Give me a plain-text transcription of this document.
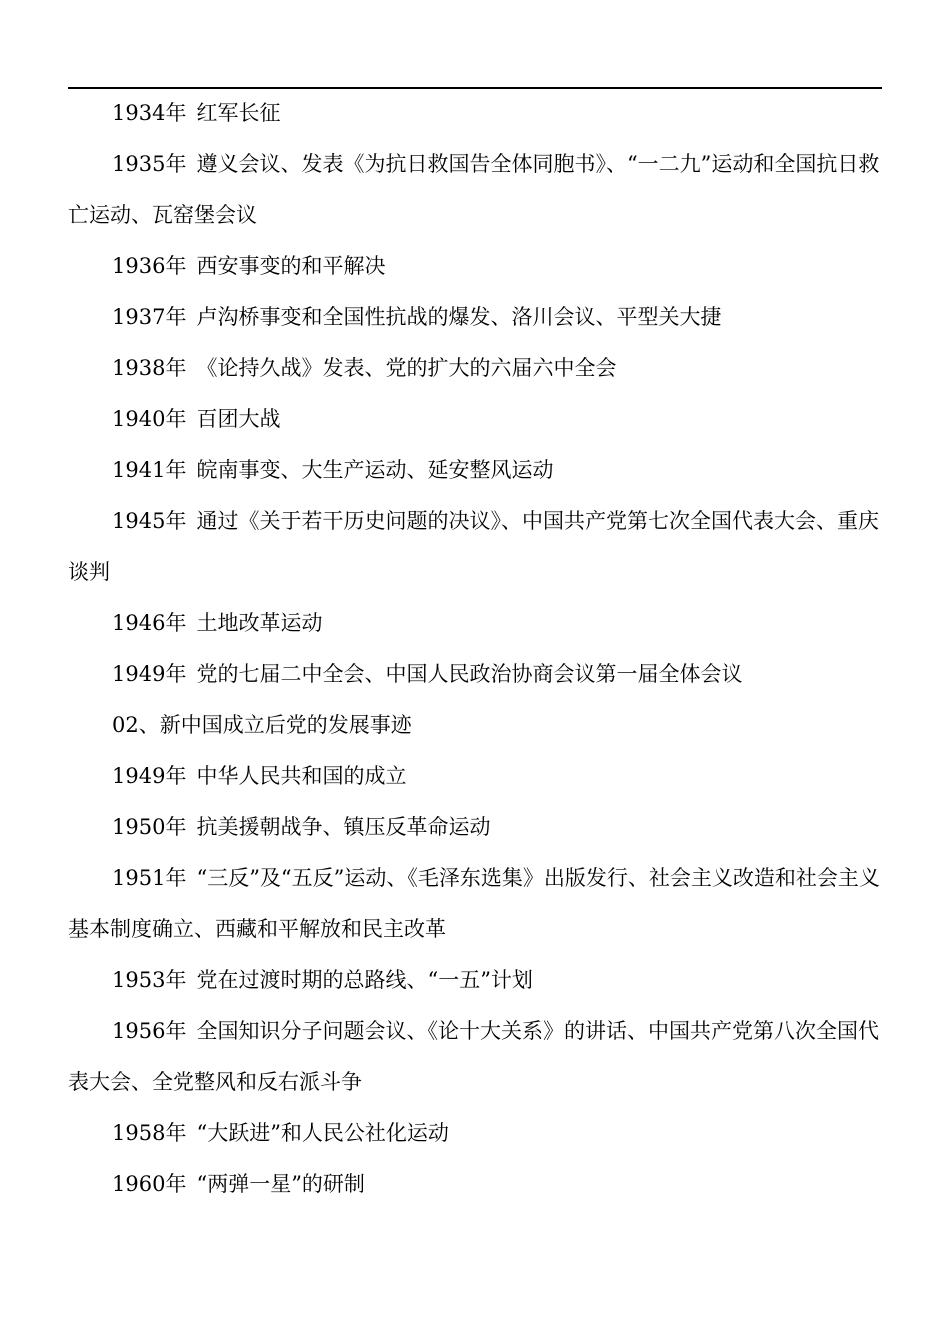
1934年 红军长征

1935年 遵义会议、发表《为抗日救国告全体同胞书》、“一二九”运动和全国抗日救亡运动、瓦窑堡会议

1936年 西安事变的和平解决

1937年 卢沟桥事变和全国性抗战的爆发、洛川会议、平型关大捷

1938年 《论持久战》发表、党的扩大的六届六中全会

1940年 百团大战

1941年 皖南事变、大生产运动、延安整风运动

1945年 通过《关于若干历史问题的决议》、中国共产党第七次全国代表大会、重庆谈判

1946年 土地改革运动

1949年 党的七届二中全会、中国人民政治协商会议第一届全体会议

02、新中国成立后党的发展事迹

1949年 中华人民共和国的成立

1950年 抗美援朝战争、镇压反革命运动

1951年 “三反”及“五反”运动、《毛泽东选集》出版发行、社会主义改造和社会主义基本制度确立、西藏和平解放和民主改革

1953年 党在过渡时期的总路线、“一五”计划

1956年 全国知识分子问题会议、《论十大关系》的讲话、中国共产党第八次全国代表大会、全党整风和反右派斗争

1958年 “大跃进”和人民公社化运动

1960年 “两弹一星”的研制
